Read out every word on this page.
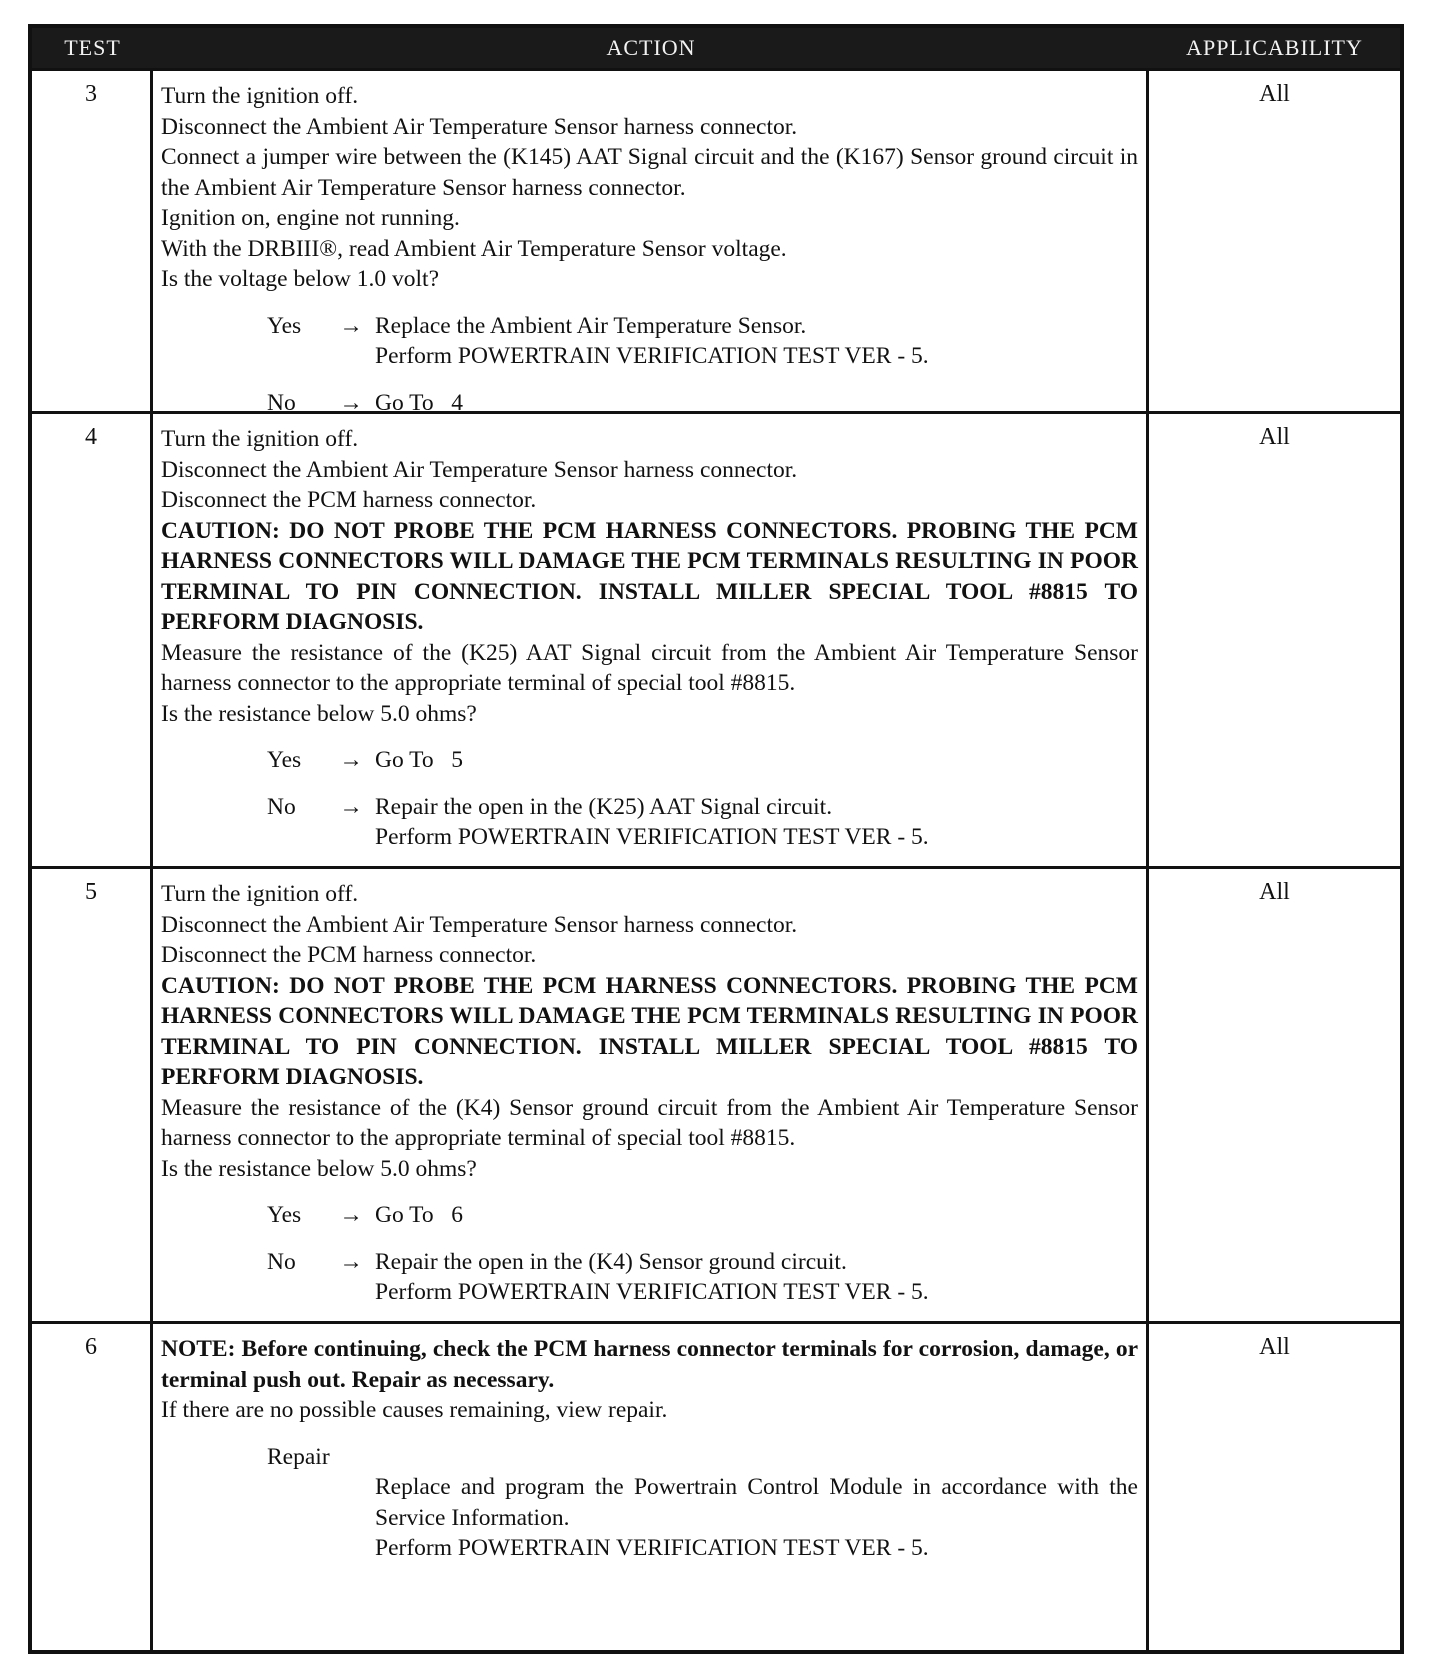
TEST	ACTION	APPLICABILITY
3	Turn the ignition off.
Disconnect the Ambient Air Temperature Sensor harness connector.
Connect a jumper wire between the (K145) AAT Signal circuit and the (K167) Sensor ground circuit in the Ambient Air Temperature Sensor harness connector.
Ignition on, engine not running.
With the DRBIII®, read Ambient Air Temperature Sensor voltage.
Is the voltage below 1.0 volt?
Yes	→ Replace the Ambient Air Temperature Sensor.
Perform POWERTRAIN VERIFICATION TEST VER - 5.
No	→ Go To   4
All
4	Turn the ignition off.
Disconnect the Ambient Air Temperature Sensor harness connector.
Disconnect the PCM harness connector.
CAUTION: DO NOT PROBE THE PCM HARNESS CONNECTORS. PROBING THE PCM HARNESS CONNECTORS WILL DAMAGE THE PCM TERMINALS RESULTING IN POOR TERMINAL TO PIN CONNECTION. INSTALL MILLER SPECIAL TOOL #8815 TO PERFORM DIAGNOSIS.
Measure the resistance of the (K25) AAT Signal circuit from the Ambient Air Temperature Sensor harness connector to the appropriate terminal of special tool #8815.
Is the resistance below 5.0 ohms?
Yes	→ Go To   5
No	→ Repair the open in the (K25) AAT Signal circuit.
Perform POWERTRAIN VERIFICATION TEST VER - 5.
All
5	Turn the ignition off.
Disconnect the Ambient Air Temperature Sensor harness connector.
Disconnect the PCM harness connector.
CAUTION: DO NOT PROBE THE PCM HARNESS CONNECTORS. PROBING THE PCM HARNESS CONNECTORS WILL DAMAGE THE PCM TERMINALS RESULTING IN POOR TERMINAL TO PIN CONNECTION. INSTALL MILLER SPECIAL TOOL #8815 TO PERFORM DIAGNOSIS.
Measure the resistance of the (K4) Sensor ground circuit from the Ambient Air Temperature Sensor harness connector to the appropriate terminal of special tool #8815.
Is the resistance below 5.0 ohms?
Yes	→ Go To   6
No	→ Repair the open in the (K4) Sensor ground circuit.
Perform POWERTRAIN VERIFICATION TEST VER - 5.
All
6	NOTE: Before continuing, check the PCM harness connector terminals for corrosion, damage, or terminal push out. Repair as necessary.
If there are no possible causes remaining, view repair.
Repair
Replace and program the Powertrain Control Module in accordance with the Service Information.
Perform POWERTRAIN VERIFICATION TEST VER - 5.
All
